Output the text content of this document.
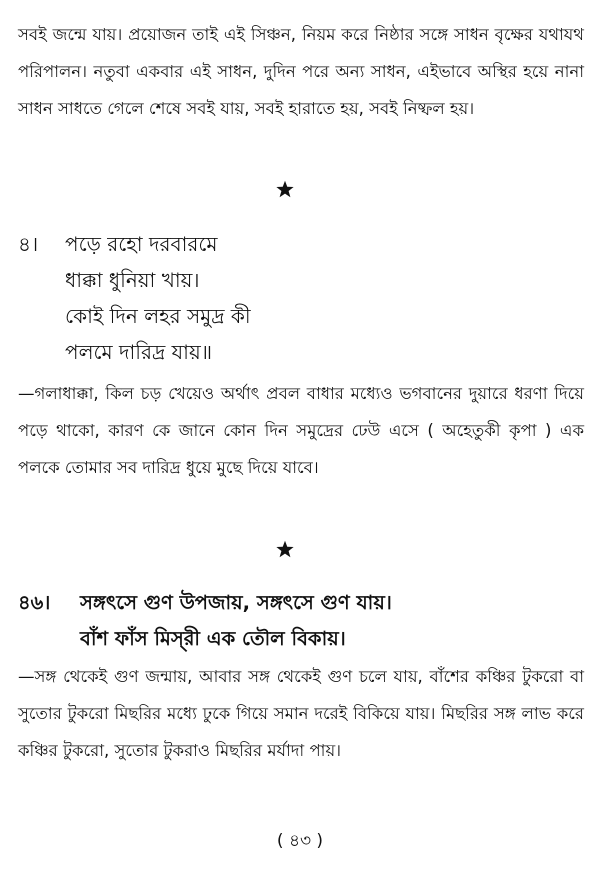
সবই জন্মে যায়। প্রয়োজন তাই এই সিঞ্চন, নিয়ম করে নিষ্ঠার সঙ্গে সাধন বৃক্ষের যথাযথ পরিপালন। নতুবা একবার এই সাধন, দুদিন পরে অন্য সাধন, এইভাবে অস্থির হয়ে নানা সাধন সাধতে গেলে শেষে সবই যায়, সবই হারাতে হয়, সবই নিষ্ফল হয়।

৪। পড়ে রহো দরবারমে
ধাক্কা ধুনিয়া খায়।
কোই দিন লহর সমুদ্র কী
পলমে দারিদ্র যায়॥

—গলাধাক্কা, কিল চড় খেয়েও অর্থাৎ প্রবল বাধার মধ্যেও ভগবানের দুয়ারে ধরণা দিয়ে পড়ে থাকো, কারণ কে জানে কোন দিন সমুদ্রের ঢেউ এসে ( অহেতুকী কৃপা ) এক পলকে তোমার সব দারিদ্র ধুয়ে মুছে দিয়ে যাবে।

৪৬। সঙ্গৎসে গুণ উপজায়, সঙ্গৎসে গুণ যায়।
বাঁশ ফাঁস মিস্‌রী এক তৌল বিকায়।

—সঙ্গ থেকেই গুণ জন্মায়, আবার সঙ্গ থেকেই গুণ চলে যায়, বাঁশের কঞ্চির টুকরো বা সুতোর টুকরো মিছরির মধ্যে ঢুকে গিয়ে সমান দরেই বিকিয়ে যায়। মিছরির সঙ্গ লাভ করে কঞ্চির টুকরো, সুতোর টুকরাও মিছরির মর্যাদা পায়।

( ৪৩ )
